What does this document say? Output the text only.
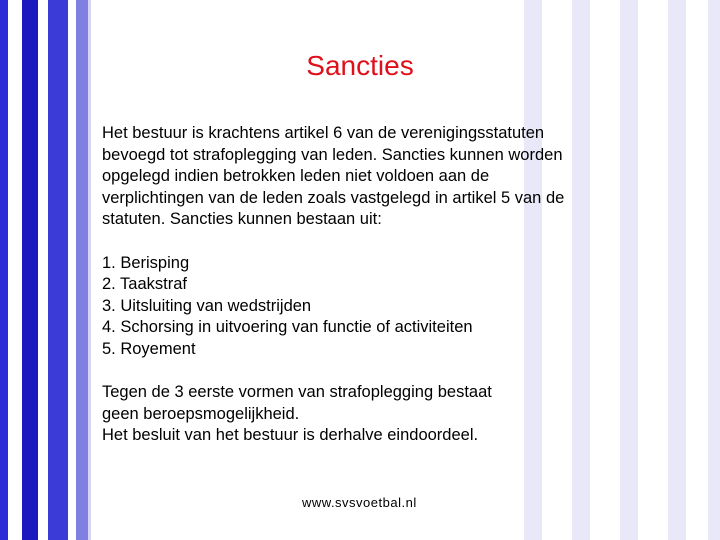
Sancties

Het bestuur is krachtens artikel 6 van de verenigingsstatuten
bevoegd tot strafoplegging van leden. Sancties kunnen worden
opgelegd indien betrokken leden niet voldoen aan de
verplichtingen van de leden zoals vastgelegd in artikel 5 van de
statuten. Sancties kunnen bestaan uit:

1. Berisping
2. Taakstraf
3. Uitsluiting van wedstrijden
4. Schorsing in uitvoering van functie of activiteiten
5. Royement

Tegen de 3 eerste vormen van strafoplegging bestaat
geen beroepsmogelijkheid.
Het besluit van het bestuur is derhalve eindoordeel.

www.svsvoetbal.nl
